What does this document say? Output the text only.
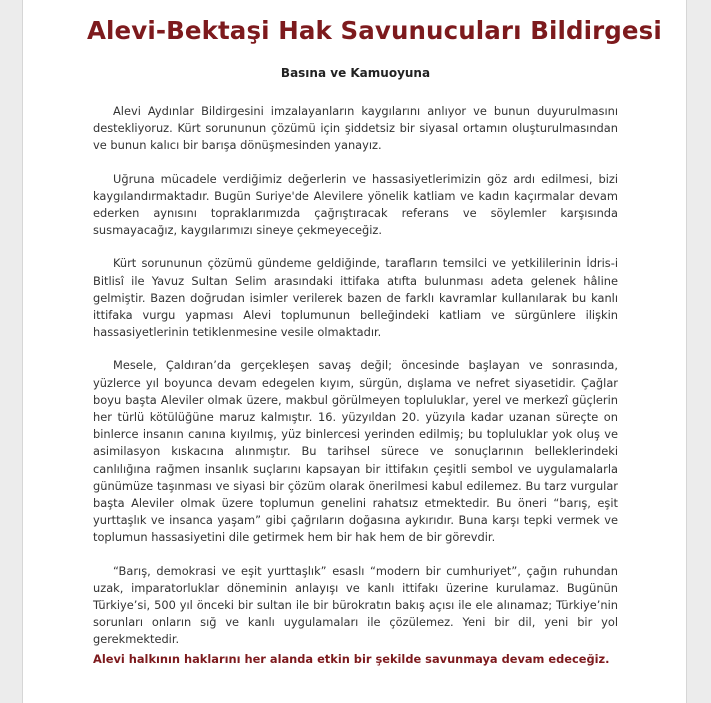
Alevi-Bektaşi Hak Savunucuları Bildirgesi
Basına ve Kamuoyuna

Alevi Aydınlar Bildirgesini imzalayanların kaygılarını anlıyor ve bunun duyurulmasını destekliyoruz. Kürt sorununun çözümü için şiddetsiz bir siyasal ortamın oluşturulmasından ve bunun kalıcı bir barışa dönüşmesinden yanayız.

Uğruna mücadele verdiğimiz değerlerin ve hassasiyetlerimizin göz ardı edilmesi, bizi kaygılandırmaktadır. Bugün Suriye'de Alevilere yönelik katliam ve kadın kaçırmalar devam ederken aynısını topraklarımızda çağrıştıracak referans ve söylemler karşısında susmayacağız, kaygılarımızı sineye çekmeyeceğiz.

Kürt sorununun çözümü gündeme geldiğinde, tarafların temsilci ve yetkililerinin İdris-i Bitlisî ile Yavuz Sultan Selim arasındaki ittifaka atıfta bulunması adeta gelenek hâline gelmiştir. Bazen doğrudan isimler verilerek bazen de farklı kavramlar kullanılarak bu kanlı ittifaka vurgu yapması Alevi toplumunun belleğindeki katliam ve sürgünlere ilişkin hassasiyetlerinin tetiklenmesine vesile olmaktadır.

Mesele, Çaldıran’da gerçekleşen savaş değil; öncesinde başlayan ve sonrasında, yüzlerce yıl boyunca devam edegelen kıyım, sürgün, dışlama ve nefret siyasetidir. Çağlar boyu başta Aleviler olmak üzere, makbul görülmeyen topluluklar, yerel ve merkezî güçlerin her türlü kötülüğüne maruz kalmıştır. 16. yüzyıldan 20. yüzyıla kadar uzanan süreçte on binlerce insanın canına kıyılmış, yüz binlercesi yerinden edilmiş; bu topluluklar yok oluş ve asimilasyon kıskacına alınmıştır. Bu tarihsel sürece ve sonuçlarının belleklerindeki canlılığına rağmen insanlık suçlarını kapsayan bir ittifakın çeşitli sembol ve uygulamalarla günümüze taşınması ve siyasi bir çözüm olarak önerilmesi kabul edilemez. Bu tarz vurgular başta Aleviler olmak üzere toplumun genelini rahatsız etmektedir. Bu öneri “barış, eşit yurttaşlık ve insanca yaşam” gibi çağrıların doğasına aykırıdır. Buna karşı tepki vermek ve toplumun hassasiyetini dile getirmek hem bir hak hem de bir görevdir.

“Barış, demokrasi ve eşit yurttaşlık” esaslı “modern bir cumhuriyet”, çağın ruhundan uzak, imparatorluklar döneminin anlayışı ve kanlı ittifakı üzerine kurulamaz. Bugünün Türkiye’si, 500 yıl önceki bir sultan ile bir bürokratın bakış açısı ile ele alınamaz; Türkiye’nin sorunları onların sığ ve kanlı uygulamaları ile çözülemez. Yeni bir dil, yeni bir yol gerekmektedir.

Alevi halkının haklarını her alanda etkin bir şekilde savunmaya devam edeceğiz.
